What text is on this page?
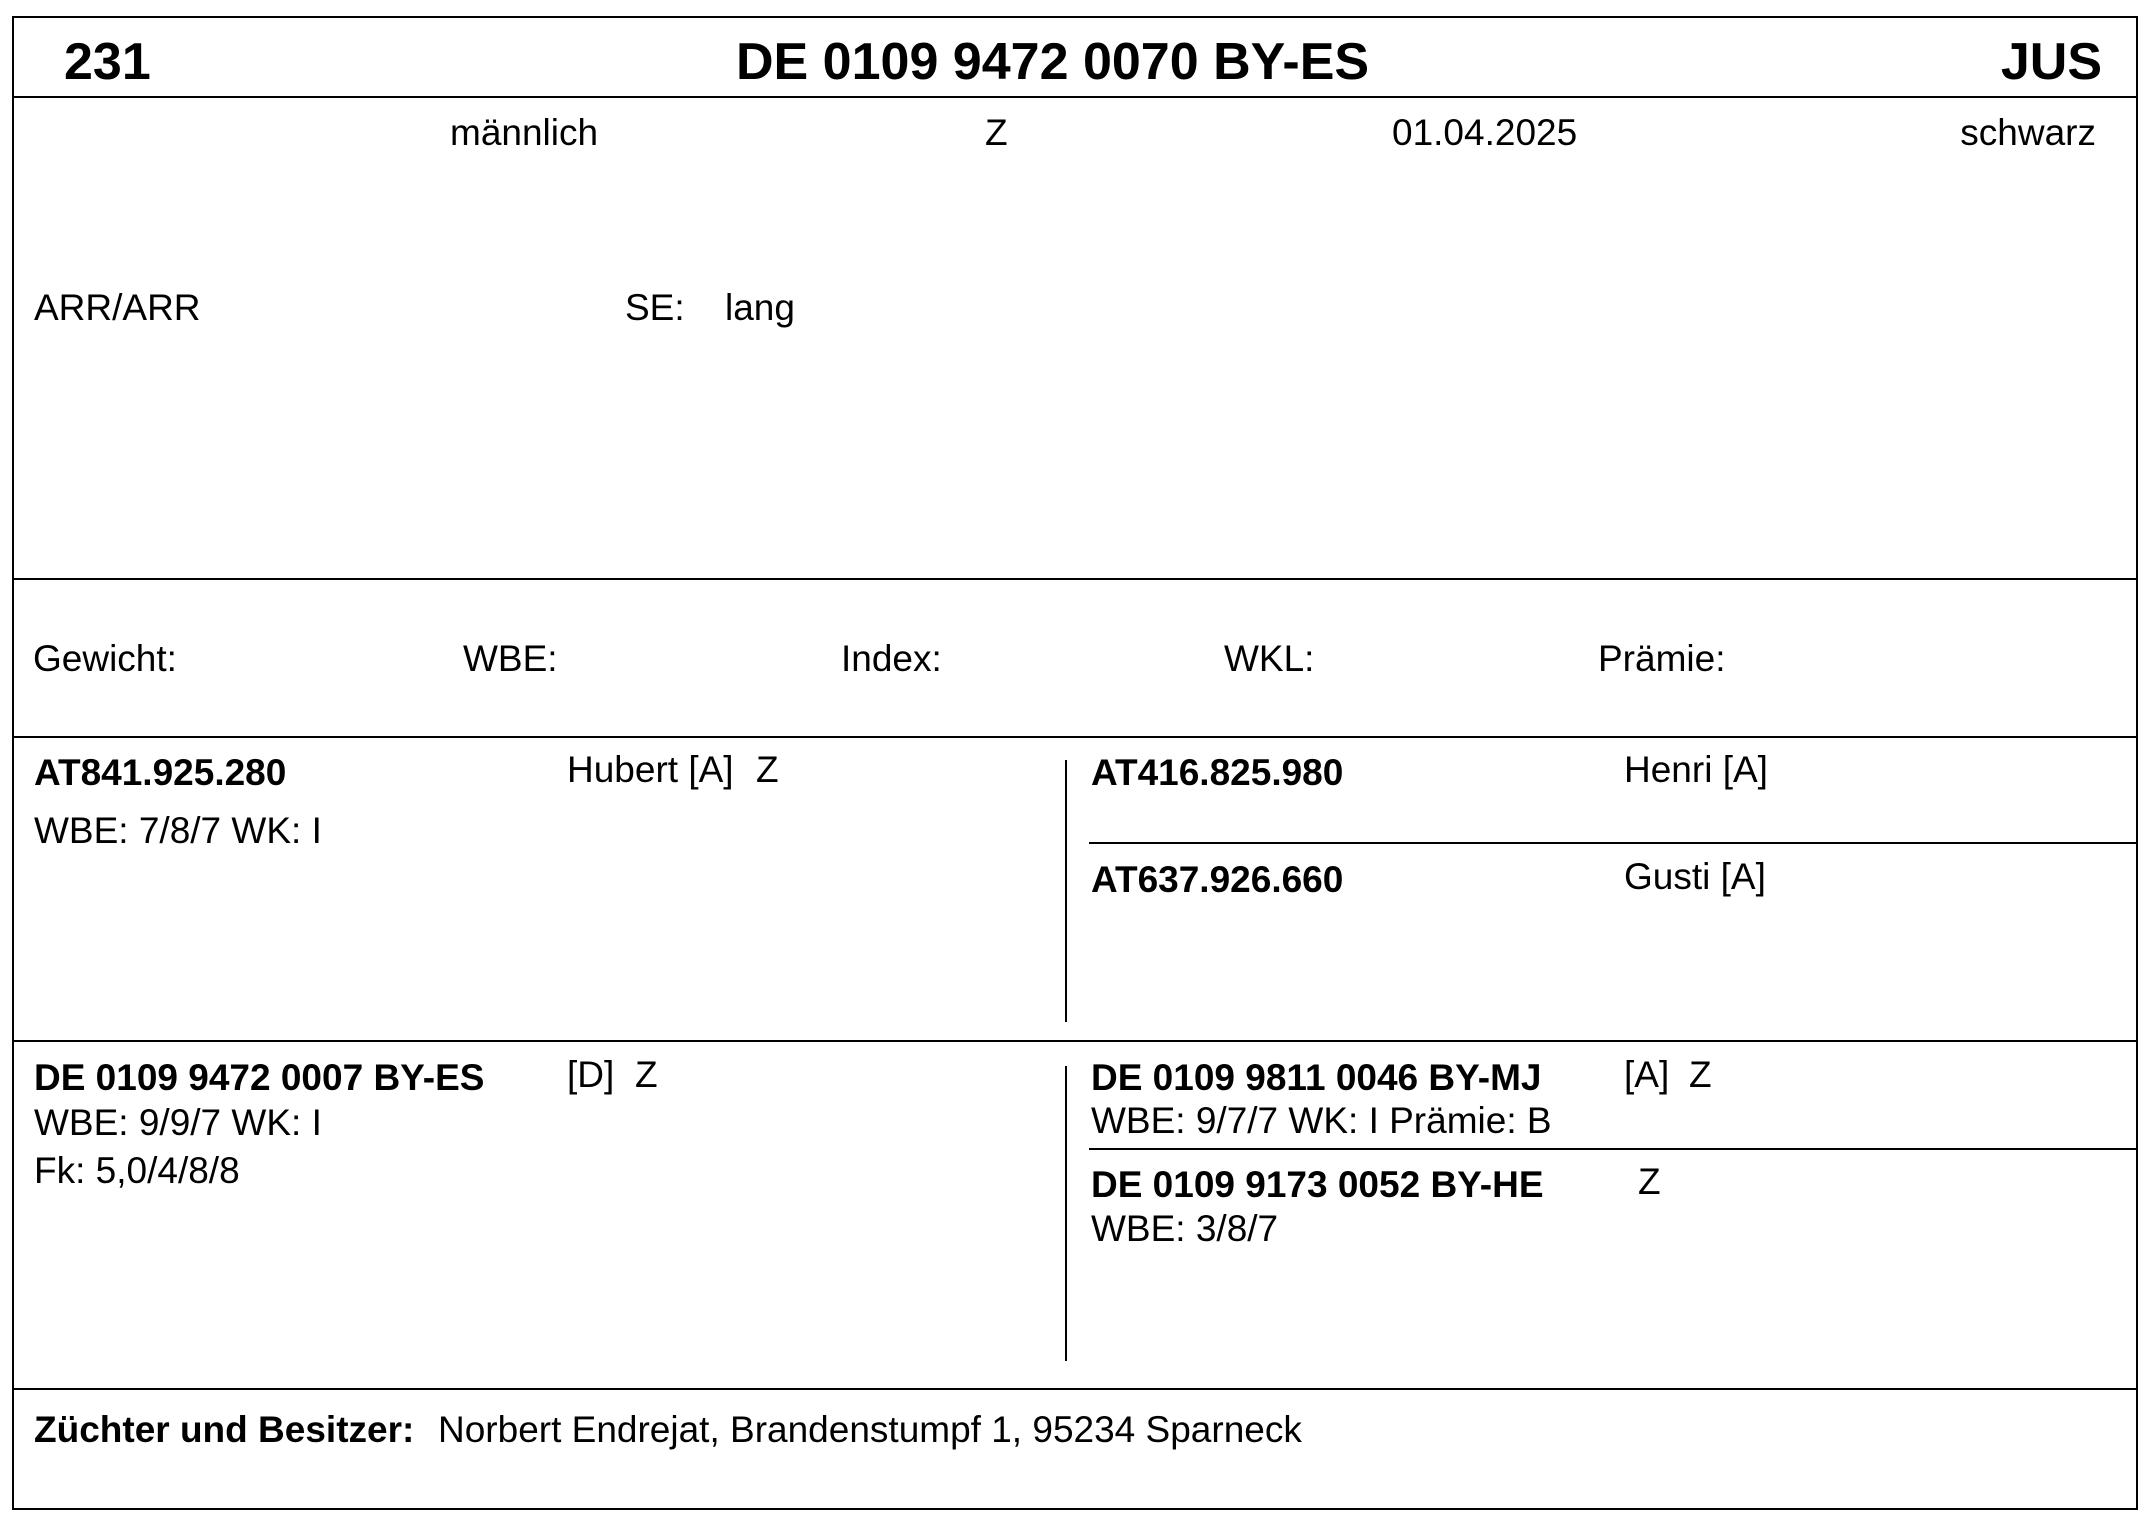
231	DE 0109 9472 0070 BY-ES	JUS
männlich	Z	01.04.2025	schwarz
ARR/ARR	SE: lang
Gewicht:	WBE:	Index:	WKL:	Prämie:
AT841.925.280	Hubert [A] Z
WBE: 7/8/7 WK: I
AT416.825.980	Henri [A]
AT637.926.660	Gusti [A]
DE 0109 9472 0007 BY-ES [D] Z
WBE: 9/9/7 WK: I
Fk: 5,0/4/8/8
DE 0109 9811 0046 BY-MJ [A] Z
WBE: 9/7/7 WK: I Prämie: B
DE 0109 9173 0052 BY-HE	Z
WBE: 3/8/7
Züchter und Besitzer: Norbert Endrejat, Brandenstumpf 1, 95234 Sparneck
